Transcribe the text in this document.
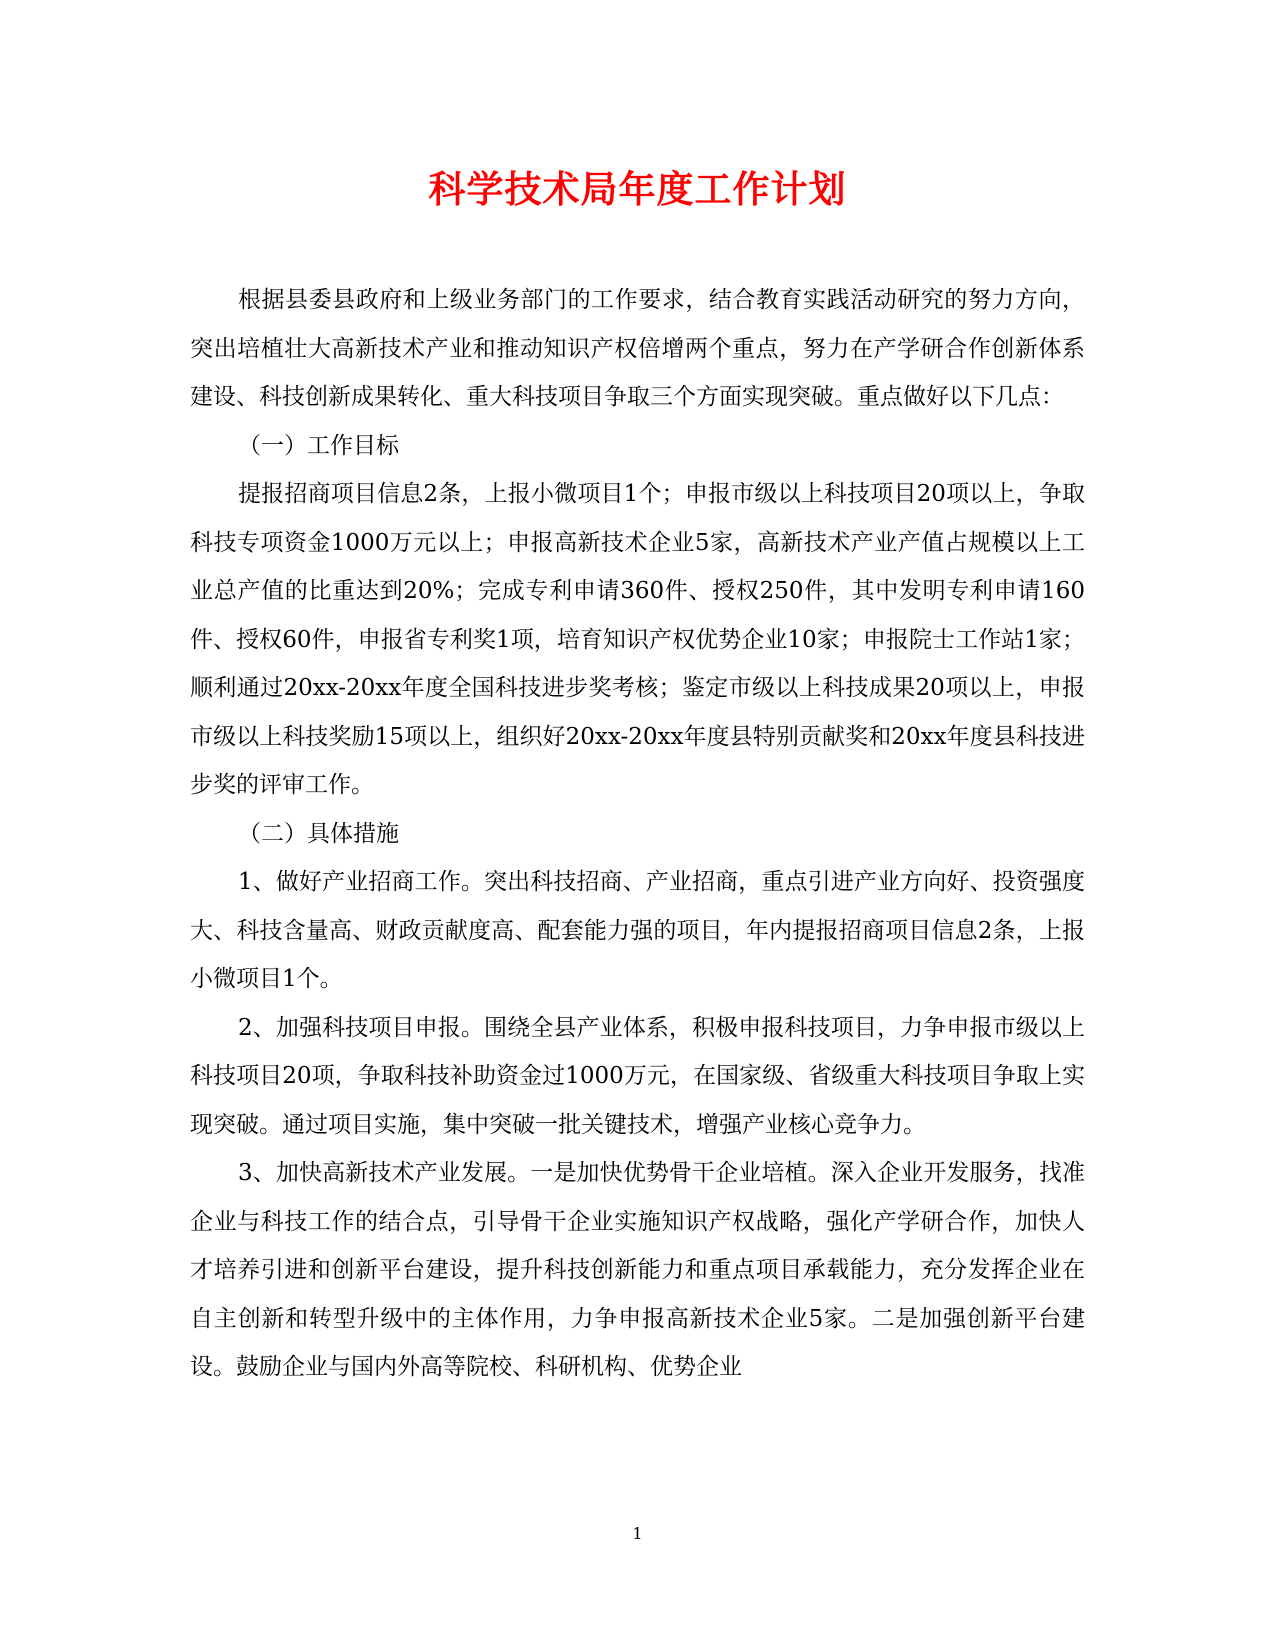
科学技术局年度工作计划

根据县委县政府和上级业务部门的工作要求，结合教育实践活动研究的努力方向，突出培植壮大高新技术产业和推动知识产权倍增两个重点，努力在产学研合作创新体系建设、科技创新成果转化、重大科技项目争取三个方面实现突破。重点做好以下几点：

（一）工作目标

提报招商项目信息2条，上报小微项目1个；申报市级以上科技项目20项以上，争取科技专项资金1000万元以上；申报高新技术企业5家，高新技术产业产值占规模以上工业总产值的比重达到20%；完成专利申请360件、授权250件，其中发明专利申请160件、授权60件，申报省专利奖1项，培育知识产权优势企业10家；申报院士工作站1家；顺利通过20xx-20xx年度全国科技进步奖考核；鉴定市级以上科技成果20项以上，申报市级以上科技奖励15项以上，组织好20xx-20xx年度县特别贡献奖和20xx年度县科技进步奖的评审工作。

（二）具体措施

1、做好产业招商工作。突出科技招商、产业招商，重点引进产业方向好、投资强度大、科技含量高、财政贡献度高、配套能力强的项目，年内提报招商项目信息2条，上报小微项目1个。

2、加强科技项目申报。围绕全县产业体系，积极申报科技项目，力争申报市级以上科技项目20项，争取科技补助资金过1000万元，在国家级、省级重大科技项目争取上实现突破。通过项目实施，集中突破一批关键技术，增强产业核心竞争力。

3、加快高新技术产业发展。一是加快优势骨干企业培植。深入企业开发服务，找准企业与科技工作的结合点，引导骨干企业实施知识产权战略，强化产学研合作，加快人才培养引进和创新平台建设，提升科技创新能力和重点项目承载能力，充分发挥企业在自主创新和转型升级中的主体作用，力争申报高新技术企业5家。二是加强创新平台建设。鼓励企业与国内外高等院校、科研机构、优势企业

1
